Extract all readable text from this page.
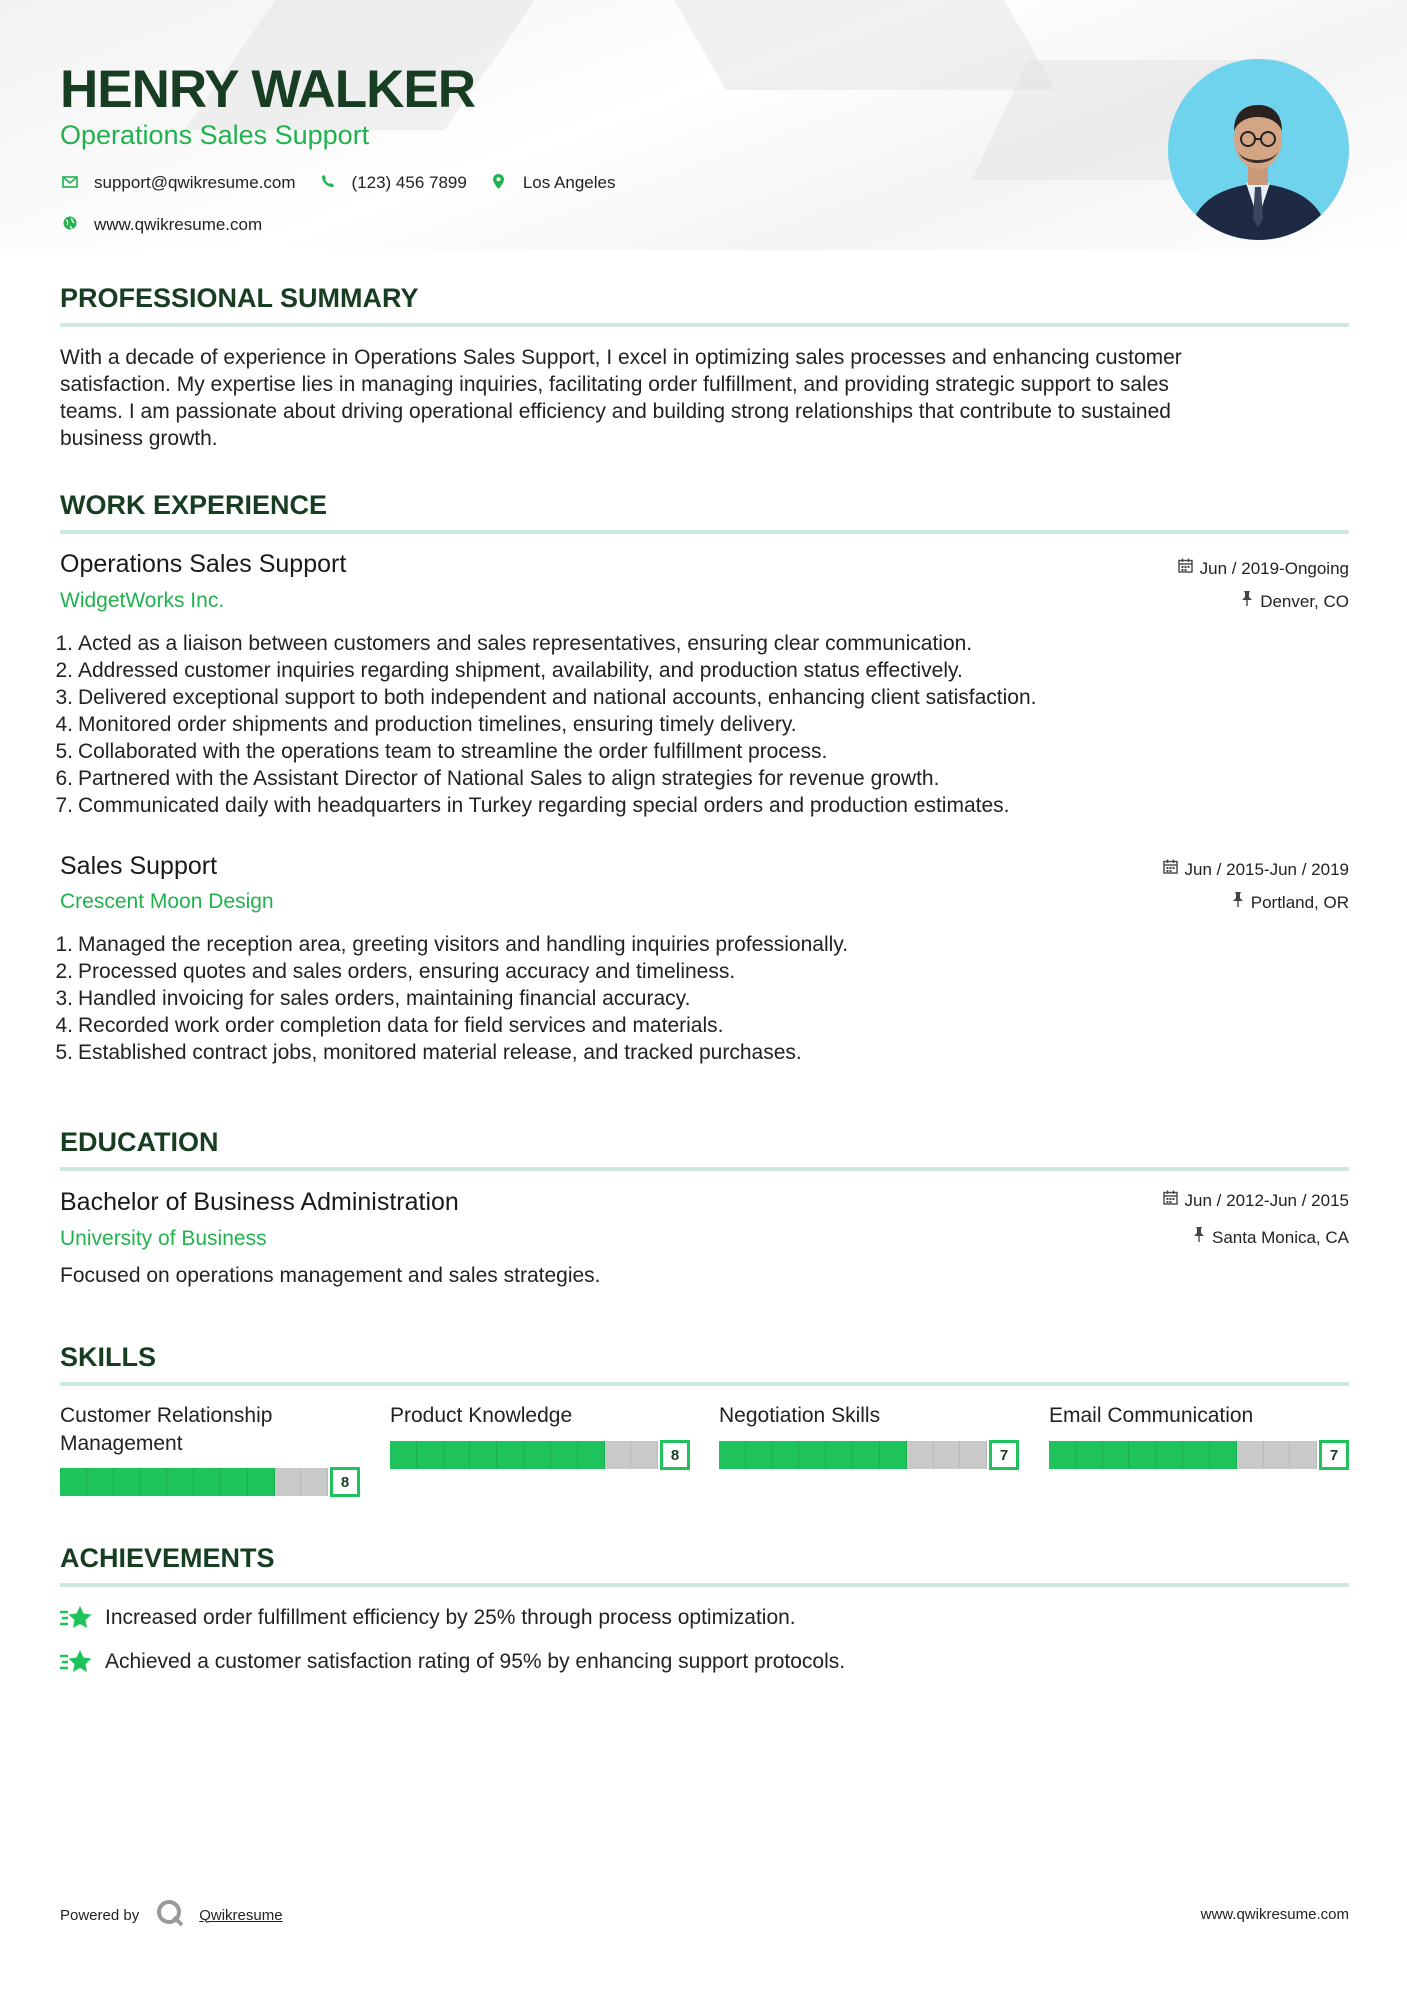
HENRY WALKER
Operations Sales Support
support@qwikresume.com	(123) 456 7899	Los Angeles
www.qwikresume.com
PROFESSIONAL SUMMARY
With a decade of experience in Operations Sales Support, I excel in optimizing sales processes and enhancing customer
satisfaction. My expertise lies in managing inquiries, facilitating order fulfillment, and providing strategic support to sales
teams. I am passionate about driving operational efficiency and building strong relationships that contribute to sustained
business growth.
WORK EXPERIENCE
Operations Sales Support
WidgetWorks Inc.
Jun / 2019-Ongoing
Denver, CO
1. Acted as a liaison between customers and sales representatives, ensuring clear communication.
2. Addressed customer inquiries regarding shipment, availability, and production status effectively.
3. Delivered exceptional support to both independent and national accounts, enhancing client satisfaction.
4. Monitored order shipments and production timelines, ensuring timely delivery.
5. Collaborated with the operations team to streamline the order fulfillment process.
6. Partnered with the Assistant Director of National Sales to align strategies for revenue growth.
7. Communicated daily with headquarters in Turkey regarding special orders and production estimates.
Sales Support
Crescent Moon Design
Jun / 2015-Jun / 2019
Portland, OR
1. Managed the reception area, greeting visitors and handling inquiries professionally.
2. Processed quotes and sales orders, ensuring accuracy and timeliness.
3. Handled invoicing for sales orders, maintaining financial accuracy.
4. Recorded work order completion data for field services and materials.
5. Established contract jobs, monitored material release, and tracked purchases.
EDUCATION
Bachelor of Business Administration
University of Business
Jun / 2012-Jun / 2015
Santa Monica, CA
Focused on operations management and sales strategies.
SKILLS
Customer Relationship
Management
8
Product Knowledge
8
Negotiation Skills
7
Email Communication
7
ACHIEVEMENTS
Increased order fulfillment efficiency by 25% through process optimization.
Achieved a customer satisfaction rating of 95% by enhancing support protocols.
Powered by	Qwikresume	www.qwikresume.com
